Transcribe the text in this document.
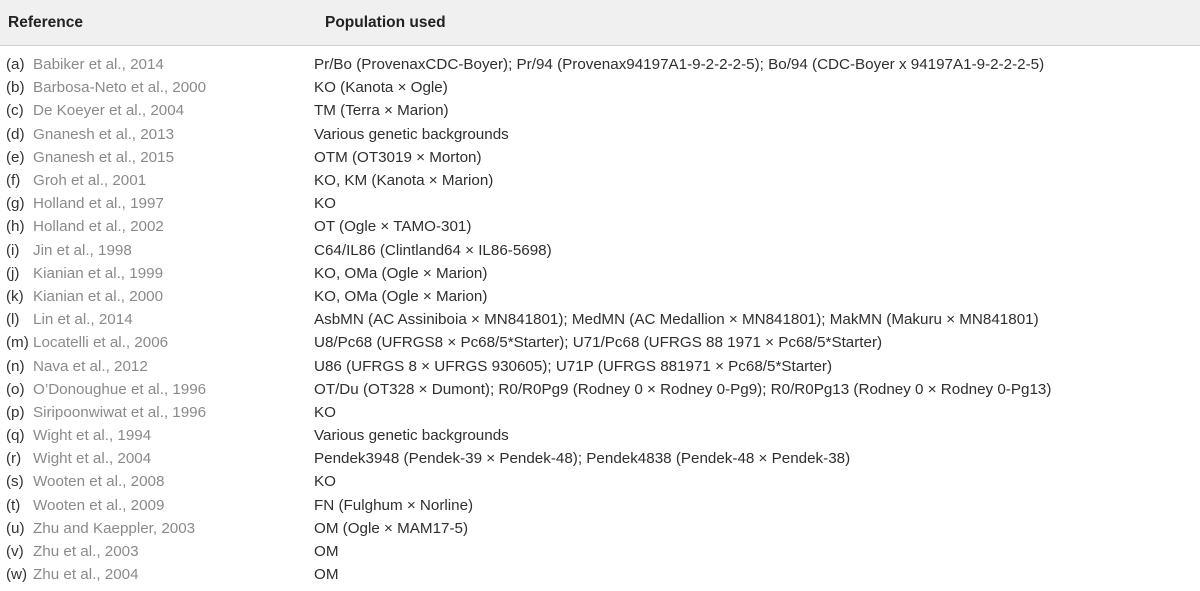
Reference	Population used
(a) Babiker et al., 2014	Pr/Bo (ProvenaxCDC-Boyer); Pr/94 (Provenax94197A1-9-2-2-2-5); Bo/94 (CDC-Boyer x 94197A1-9-2-2-2-5)
(b) Barbosa-Neto et al., 2000	KO (Kanota × Ogle)
(c) De Koeyer et al., 2004	TM (Terra × Marion)
(d) Gnanesh et al., 2013	Various genetic backgrounds
(e) Gnanesh et al., 2015	OTM (OT3019 × Morton)
(f) Groh et al., 2001	KO, KM (Kanota × Marion)
(g) Holland et al., 1997	KO
(h) Holland et al., 2002	OT (Ogle × TAMO-301)
(i) Jin et al., 1998	C64/IL86 (Clintland64 × IL86-5698)
(j) Kianian et al., 1999	KO, OMa (Ogle × Marion)
(k) Kianian et al., 2000	KO, OMa (Ogle × Marion)
(l) Lin et al., 2014	AsbMN (AC Assiniboia × MN841801); MedMN (AC Medallion × MN841801); MakMN (Makuru × MN841801)
(m) Locatelli et al., 2006	U8/Pc68 (UFRGS8 × Pc68/5*Starter); U71/Pc68 (UFRGS 88 1971 × Pc68/5*Starter)
(n) Nava et al., 2012	U86 (UFRGS 8 × UFRGS 930605); U71P (UFRGS 881971 × Pc68/5*Starter)
(o) O’Donoughue et al., 1996	OT/Du (OT328 × Dumont); R0/R0Pg9 (Rodney 0 × Rodney 0-Pg9); R0/R0Pg13 (Rodney 0 × Rodney 0-Pg13)
(p) Siripoonwiwat et al., 1996	KO
(q) Wight et al., 1994	Various genetic backgrounds
(r) Wight et al., 2004	Pendek3948 (Pendek-39 × Pendek-48); Pendek4838 (Pendek-48 × Pendek-38)
(s) Wooten et al., 2008	KO
(t) Wooten et al., 2009	FN (Fulghum × Norline)
(u) Zhu and Kaeppler, 2003	OM (Ogle × MAM17-5)
(v) Zhu et al., 2003	OM
(w) Zhu et al., 2004	OM
